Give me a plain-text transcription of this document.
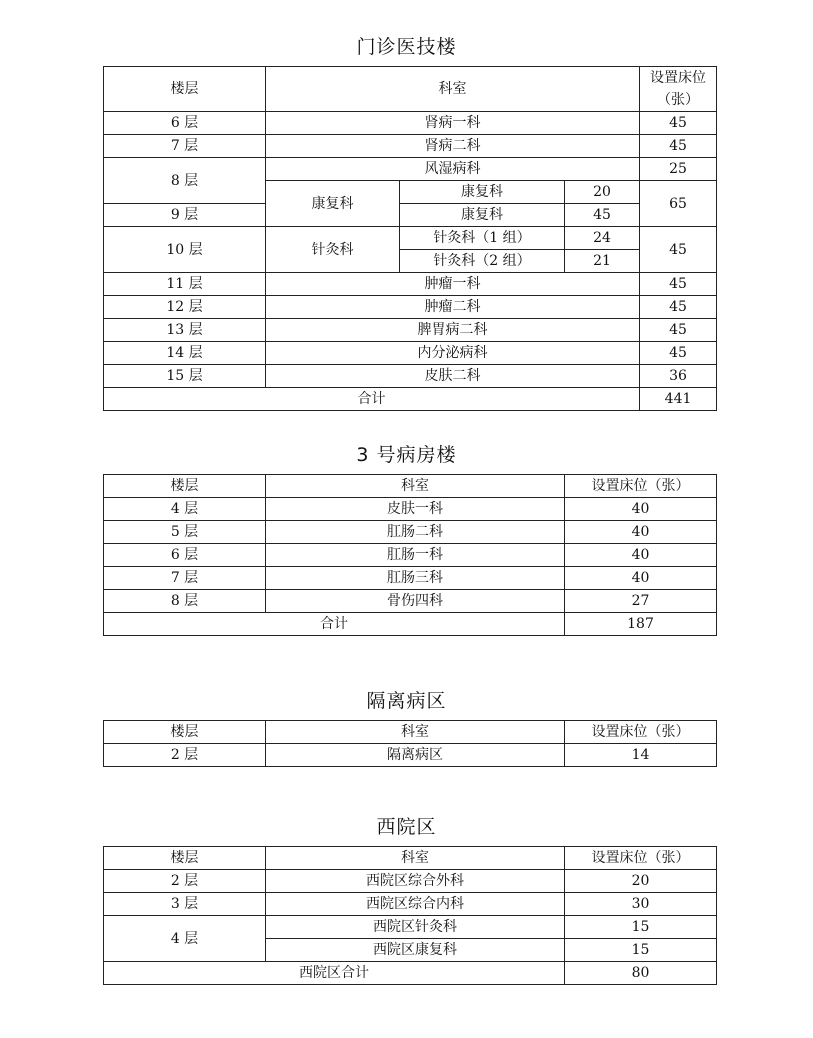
门诊医技楼
楼层	科室			设置床位（张）
6 层	肾病一科			45
7 层	肾病二科			45
8 层	风湿病科			25
	康复科	康复科	20	65
9 层		康复科	45	
10 层	针灸科	针灸科（1 组）	24	45
		针灸科（2 组）	21	
11 层	肿瘤一科			45
12 层	肿瘤二科			45
13 层	脾胃病二科			45
14 层	内分泌病科			45
15 层	皮肤二科			36
合计				441
3 号病房楼
楼层	科室	设置床位（张）
4 层	皮肤一科	40
5 层	肛肠二科	40
6 层	肛肠一科	40
7 层	肛肠三科	40
8 层	骨伤四科	27
合计		187
隔离病区
楼层	科室	设置床位（张）
2 层	隔离病区	14
西院区
楼层	科室	设置床位（张）
2 层	西院区综合外科	20
3 层	西院区综合内科	30
4 层	西院区针灸科	15
	西院区康复科	15
西院区合计		80
